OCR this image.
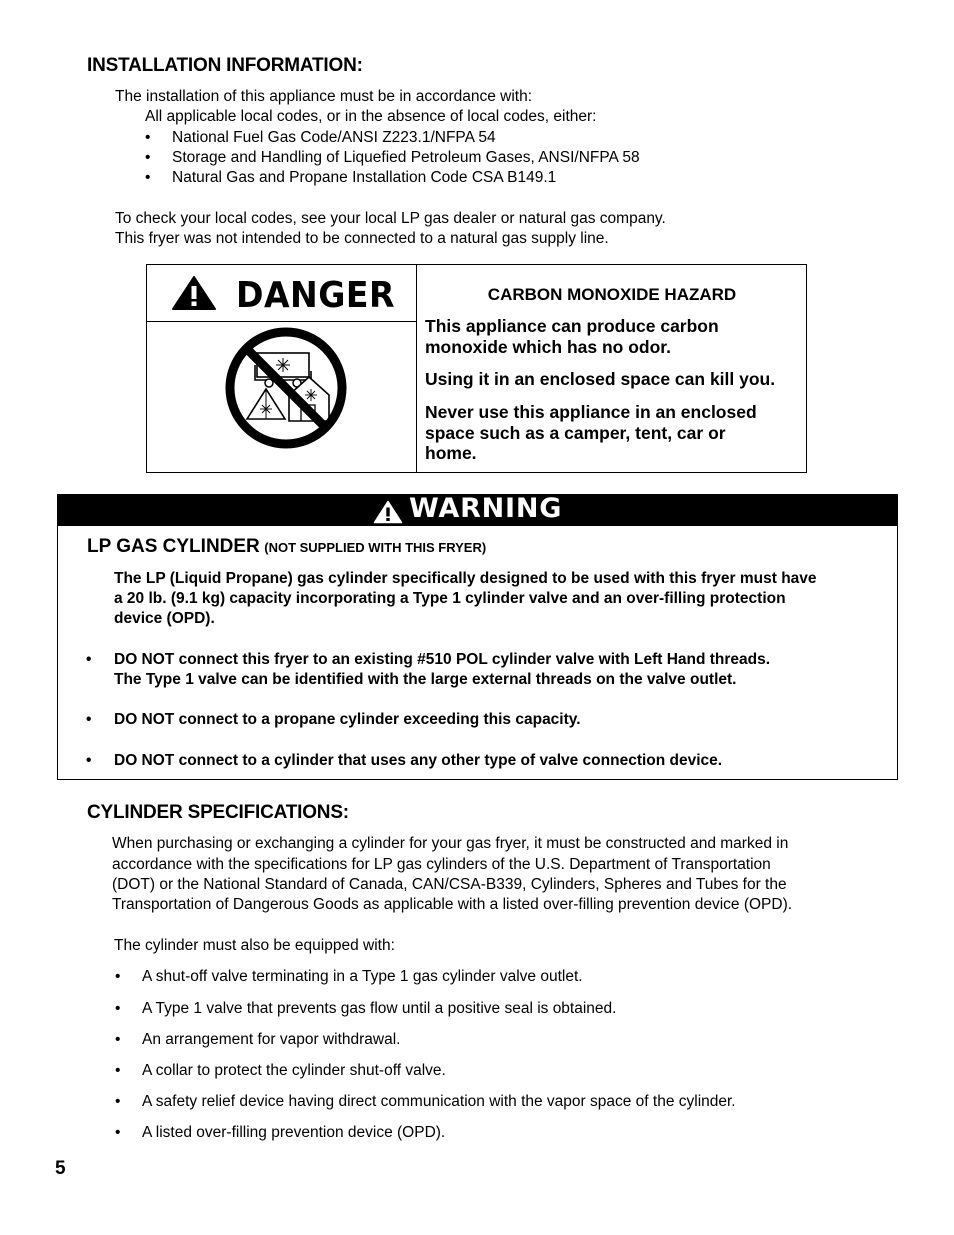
INSTALLATION INFORMATION:
The installation of this appliance must be in accordance with:
All applicable local codes, or in the absence of local codes, either:
• National Fuel Gas Code/ANSI Z223.1/NFPA 54
• Storage and Handling of Liquefied Petroleum Gases, ANSI/NFPA 58
• Natural Gas and Propane Installation Code CSA B149.1
To check your local codes, see your local LP gas dealer or natural gas company.
This fryer was not intended to be connected to a natural gas supply line.
DANGER	CARBON MONOXIDE HAZARD
This appliance can produce carbon
monoxide which has no odor.
Using it in an enclosed space can kill you.
Never use this appliance in an enclosed
space such as a camper, tent, car or
home.
WARNING
LP GAS CYLINDER (NOT SUPPLIED WITH THIS FRYER)
The LP (Liquid Propane) gas cylinder specifically designed to be used with this fryer must have
a 20 lb. (9.1 kg) capacity incorporating a Type 1 cylinder valve and an over-filling protection
device (OPD).
• DO NOT connect this fryer to an existing #510 POL cylinder valve with Left Hand threads.
The Type 1 valve can be identified with the large external threads on the valve outlet.
• DO NOT connect to a propane cylinder exceeding this capacity.
• DO NOT connect to a cylinder that uses any other type of valve connection device.
CYLINDER SPECIFICATIONS:
When purchasing or exchanging a cylinder for your gas fryer, it must be constructed and marked in
accordance with the specifications for LP gas cylinders of the U.S. Department of Transportation
(DOT) or the National Standard of Canada, CAN/CSA-B339, Cylinders, Spheres and Tubes for the
Transportation of Dangerous Goods as applicable with a listed over-filling prevention device (OPD).
The cylinder must also be equipped with:
• A shut-off valve terminating in a Type 1 gas cylinder valve outlet.
• A Type 1 valve that prevents gas flow until a positive seal is obtained.
• An arrangement for vapor withdrawal.
• A collar to protect the cylinder shut-off valve.
• A safety relief device having direct communication with the vapor space of the cylinder.
• A listed over-filling prevention device (OPD).
5
